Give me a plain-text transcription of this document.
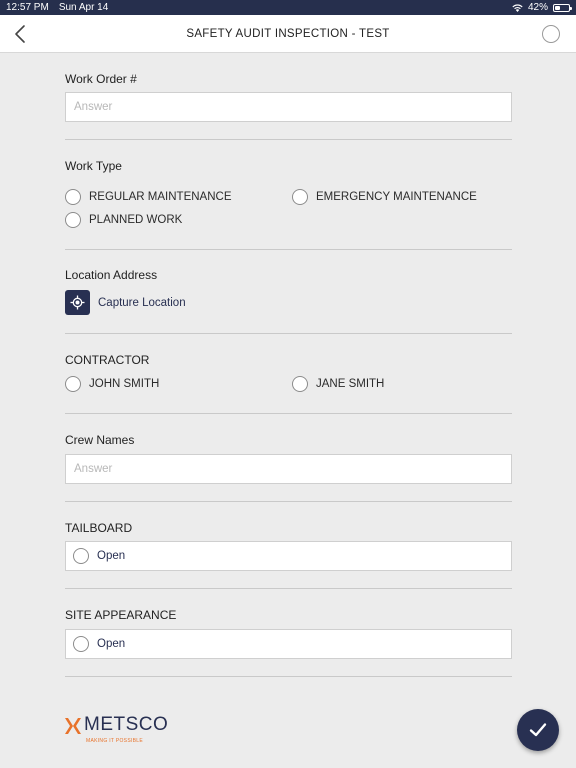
12:57 PM Sun Apr 14	42%
SAFETY AUDIT INSPECTION - TEST
Work Order #
Answer
Work Type
REGULAR MAINTENANCE	EMERGENCY MAINTENANCE
PLANNED WORK
Location Address
Capture Location
CONTRACTOR
JOHN SMITH	JANE SMITH
Crew Names
Answer
TAILBOARD
Open
SITE APPEARANCE
Open
METSCO
MAKING IT POSSIBLE
